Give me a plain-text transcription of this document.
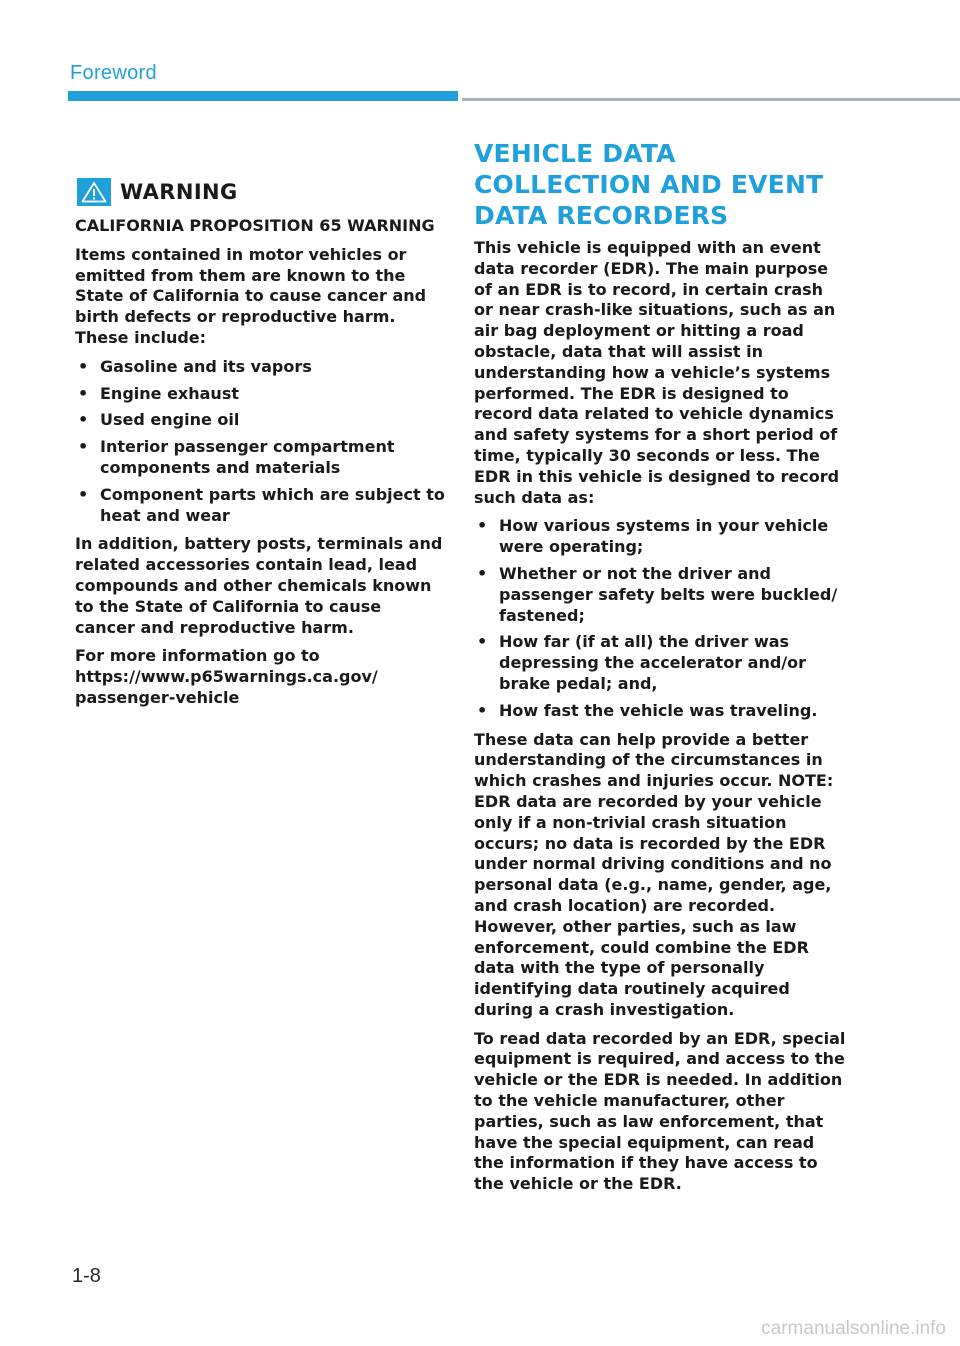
Foreword
WARNING

CALIFORNIA PROPOSITION 65 WARNING

Items contained in motor vehicles or emitted from them are known to the State of California to cause cancer and birth defects or reproductive harm. These include:

• Gasoline and its vapors
• Engine exhaust
• Used engine oil
• Interior passenger compartment components and materials
• Component parts which are subject to heat and wear

In addition, battery posts, terminals and related accessories contain lead, lead compounds and other chemicals known to the State of California to cause cancer and reproductive harm.

For more information go to https://www.p65warnings.ca.gov/ passenger-vehicle

VEHICLE DATA COLLECTION AND EVENT DATA RECORDERS

This vehicle is equipped with an event data recorder (EDR). The main purpose of an EDR is to record, in certain crash or near crash-like situations, such as an air bag deployment or hitting a road obstacle, data that will assist in understanding how a vehicle’s systems performed. The EDR is designed to record data related to vehicle dynamics and safety systems for a short period of time, typically 30 seconds or less. The EDR in this vehicle is designed to record such data as:

• How various systems in your vehicle were operating;
• Whether or not the driver and passenger safety belts were buckled/ fastened;
• How far (if at all) the driver was depressing the accelerator and/or brake pedal; and,
• How fast the vehicle was traveling.

These data can help provide a better understanding of the circumstances in which crashes and injuries occur. NOTE: EDR data are recorded by your vehicle only if a non-trivial crash situation occurs; no data is recorded by the EDR under normal driving conditions and no personal data (e.g., name, gender, age, and crash location) are recorded. However, other parties, such as law enforcement, could combine the EDR data with the type of personally identifying data routinely acquired during a crash investigation.

To read data recorded by an EDR, special equipment is required, and access to the vehicle or the EDR is needed. In addition to the vehicle manufacturer, other parties, such as law enforcement, that have the special equipment, can read the information if they have access to the vehicle or the EDR.

1-8
carmanualsonline.info
